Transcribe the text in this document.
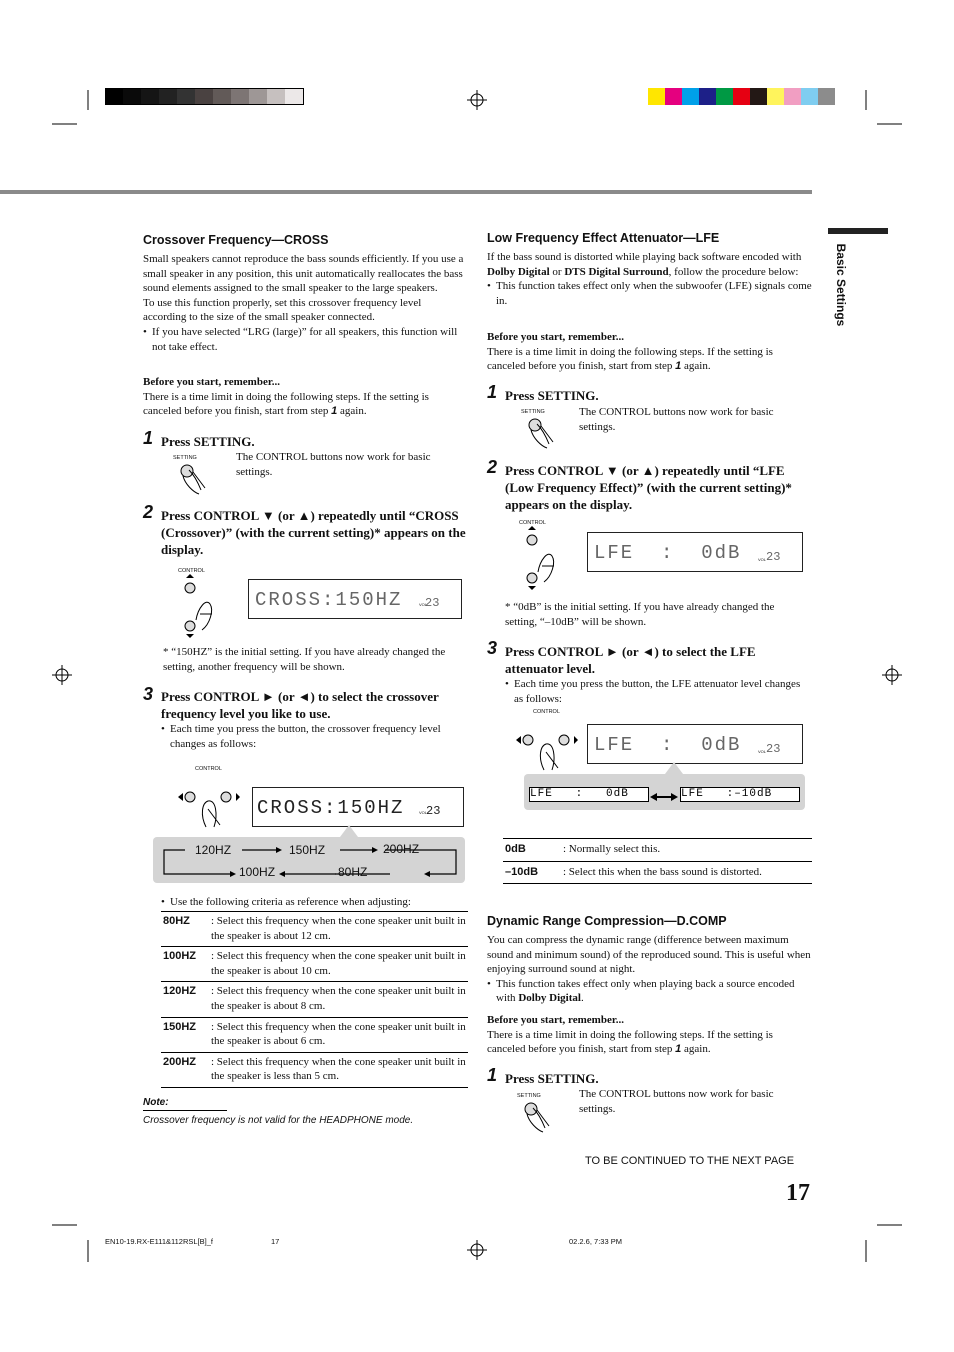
Basic Settings
Crossover Frequency—CROSS
Small speakers cannot reproduce the bass sounds efficiently. If you use a small speaker in any position, this unit automatically reallocates the bass sound elements assigned to the small speaker to the large speakers.
To use this function properly, set this crossover frequency level according to the size of the small speaker connected.
• If you have selected “LRG (large)” for all speakers, this function will not take effect.
Before you start, remember...
There is a time limit in doing the following steps. If the setting is canceled before you finish, start from step 1 again.
1 Press SETTING.
SETTING	The CONTROL buttons now work for basic settings.
2 Press CONTROL ▼ (or ▲) repeatedly until “CROSS (Crossover)” (with the current setting)* appears on the display.
CONTROL
CROSS:150HZ	VOL
23
* “150HZ” is the initial setting. If you have already changed the setting, another frequency will be shown.
3 Press CONTROL ► (or ◄) to select the crossover frequency level you like to use.
• Each time you press the button, the crossover frequency level changes as follows:
CONTROL
CROSS:150HZ	VOL
23
120HZ	150HZ	200HZ
100HZ	80HZ
• Use the following criteria as reference when adjusting:
80HZ	: Select this frequency when the cone speaker unit built in the speaker is about 12 cm.
100HZ	: Select this frequency when the cone speaker unit built in the speaker is about 10 cm.
120HZ	: Select this frequency when the cone speaker unit built in the speaker is about 8 cm.
150HZ	: Select this frequency when the cone speaker unit built in the speaker is about 6 cm.
200HZ	: Select this frequency when the cone speaker unit built in the speaker is less than 5 cm.
Note:
Crossover frequency is not valid for the HEADPHONE mode.
Low Frequency Effect Attenuator—LFE
If the bass sound is distorted while playing back software encoded with Dolby Digital or DTS Digital Surround, follow the procedure below:
• This function takes effect only when the subwoofer (LFE) signals come in.
Before you start, remember...
There is a time limit in doing the following steps. If the setting is canceled before you finish, start from step 1 again.
1 Press SETTING.
SETTING	The CONTROL buttons now work for basic settings.
2 Press CONTROL ▼ (or ▲) repeatedly until “LFE (Low Frequency Effect)” (with the current setting)* appears on the display.
CONTROL
LFE  :  0dB	VOL 23
* “0dB” is the initial setting. If you have already changed the setting, “–10dB” will be shown.
3 Press CONTROL ► (or ◄) to select the LFE attenuator level.
• Each time you press the button, the LFE attenuator level changes as follows:
CONTROL
LFE  :  0dB	VOL 23
LFE   :   0dB	LFE   :–10dB
0dB	: Normally select this.
–10dB	: Select this when the bass sound is distorted.
Dynamic Range Compression—D.COMP
You can compress the dynamic range (difference between maximum sound and minimum sound) of the reproduced sound. This is useful when enjoying surround sound at night.
• This function takes effect only when playing back a source encoded with Dolby Digital.
Before you start, remember...
There is a time limit in doing the following steps. If the setting is canceled before you finish, start from step 1 again.
1 Press SETTING.
SETTING	The CONTROL buttons now work for basic settings.
TO BE CONTINUED TO THE NEXT PAGE
17
EN10-19.RX-E111&112RSL[B]_f	17	02.2.6, 7:33 PM
